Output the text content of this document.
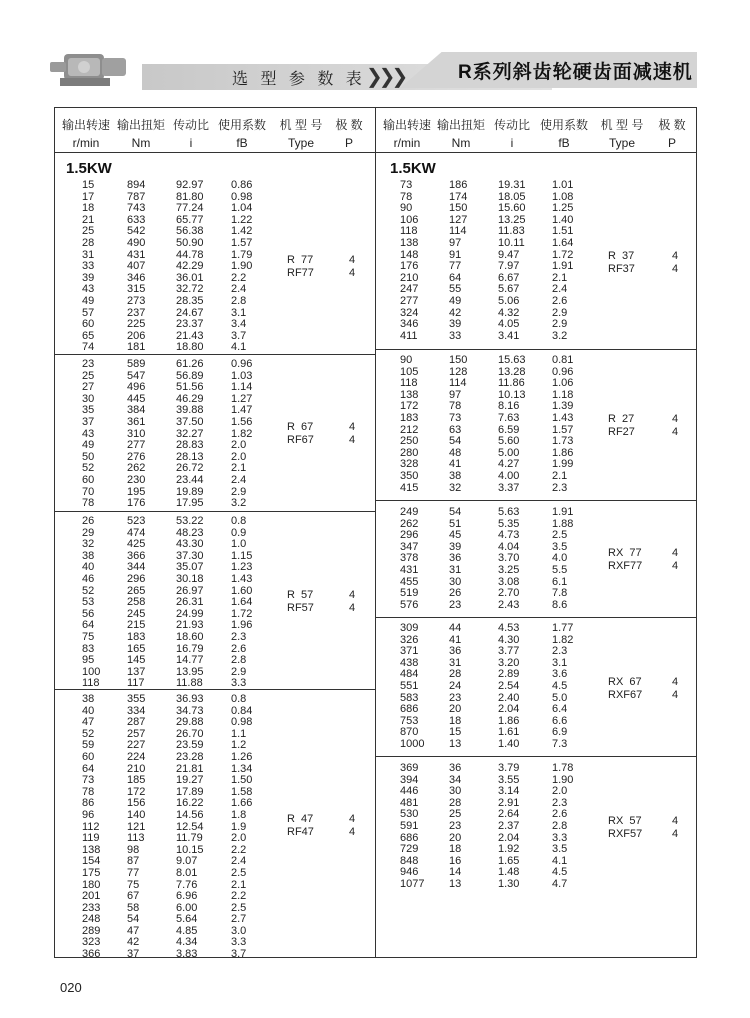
选 型 参 数 表 ❯❯❯	R系列斜齿轮硬齿面减速机
输出转速
r/min
输出扭矩
Nm
传动比
i
使用系数
fB
机 型 号
Type
极 数
P
输出转速
r/min
输出扭矩
Nm
传动比
i
使用系数
fB
机 型 号
Type
极 数
P
1.5KW	1.5KW
15
17
18
21
25
28
31
33
39
43
49
57
60
65
74
894
787
743
633
542
490
431
407
346
315
273
237
225
206
181
92.97
81.80
77.24
65.77
56.38
50.90
44.78
42.29
36.01
32.72
28.35
24.67
23.37
21.43
18.80
0.86
0.98
1.04
1.22
1.42
1.57
1.79
1.90
2.2
2.4
2.8
3.1
3.4
3.7
4.1
R  77
RF77
4
4
23
25
27
30
35
37
43
49
50
52
60
70
78
589
547
496
445
384
361
310
277
276
262
230
195
176
61.26
56.89
51.56
46.29
39.88
37.50
32.27
28.83
28.13
26.72
23.44
19.89
17.95
0.96
1.03
1.14
1.27
1.47
1.56
1.82
2.0
2.0
2.1
2.4
2.9
3.2
R  67
RF67
4
4
26
29
32
38
40
46
52
53
56
64
75
83
95
100
118
523
474
425
366
344
296
265
258
245
215
183
165
145
137
117
53.22
48.23
43.30
37.30
35.07
30.18
26.97
26.31
24.99
21.93
18.60
16.79
14.77
13.95
11.88
0.8
0.9
1.0
1.15
1.23
1.43
1.60
1.64
1.72
1.96
2.3
2.6
2.8
2.9
3.3
R  57
RF57
4
4
38
40
47
52
59
60
64
73
78
86
96
112
119
138
154
175
180
201
233
248
289
323
366
355
334
287
257
227
224
210
185
172
156
140
121
113
98
87
77
75
67
58
54
47
42
37
36.93
34.73
29.88
26.70
23.59
23.28
21.81
19.27
17.89
16.22
14.56
12.54
11.79
10.15
9.07
8.01
7.76
6.96
6.00
5.64
4.85
4.34
3.83
0.8
0.84
0.98
1.1
1.2
1.26
1.34
1.50
1.58
1.66
1.8
1.9
2.0
2.2
2.4
2.5
2.1
2.2
2.5
2.7
3.0
3.3
3.7
R  47
RF47
4
4
73
78
90
106
118
138
148
176
210
247
277
324
346
411
186
174
150
127
114
97
91
77
64
55
49
42
39
33
19.31
18.05
15.60
13.25
11.83
10.11
9.47
7.97
6.67
5.67
5.06
4.32
4.05
3.41
1.01
1.08
1.25
1.40
1.51
1.64
1.72
1.91
2.1
2.4
2.6
2.9
2.9
3.2
R  37
RF37
4
4
90
105
118
138
172
183
212
250
280
328
350
415
150
128
114
97
78
73
63
54
48
41
38
32
15.63
13.28
11.86
10.13
8.16
7.63
6.59
5.60
5.00
4.27
4.00
3.37
0.81
0.96
1.06
1.18
1.39
1.43
1.57
1.73
1.86
1.99
2.1
2.3
R  27
RF27
4
4
249
262
296
347
378
431
455
519
576
54
51
45
39
36
31
30
26
23
5.63
5.35
4.73
4.04
3.70
3.25
3.08
2.70
2.43
1.91
1.88
2.5
3.5
4.0
5.5
6.1
7.8
8.6
RX  77
RXF77
4
4
309
326
371
438
484
551
583
686
753
870
1000
44
41
36
31
28
24
23
20
18
15
13
4.53
4.30
3.77
3.20
2.89
2.54
2.40
2.04
1.86
1.61
1.40
1.77
1.82
2.3
3.1
3.6
4.5
5.0
6.4
6.6
6.9
7.3
RX  67
RXF67
4
4
369
394
446
481
530
591
686
729
848
946
1077
36
34
30
28
25
23
20
18
16
14
13
3.79
3.55
3.14
2.91
2.64
2.37
2.04
1.92
1.65
1.48
1.30
1.78
1.90
2.0
2.3
2.6
2.8
3.3
3.5
4.1
4.5
4.7
RX  57
RXF57
4
4
020
